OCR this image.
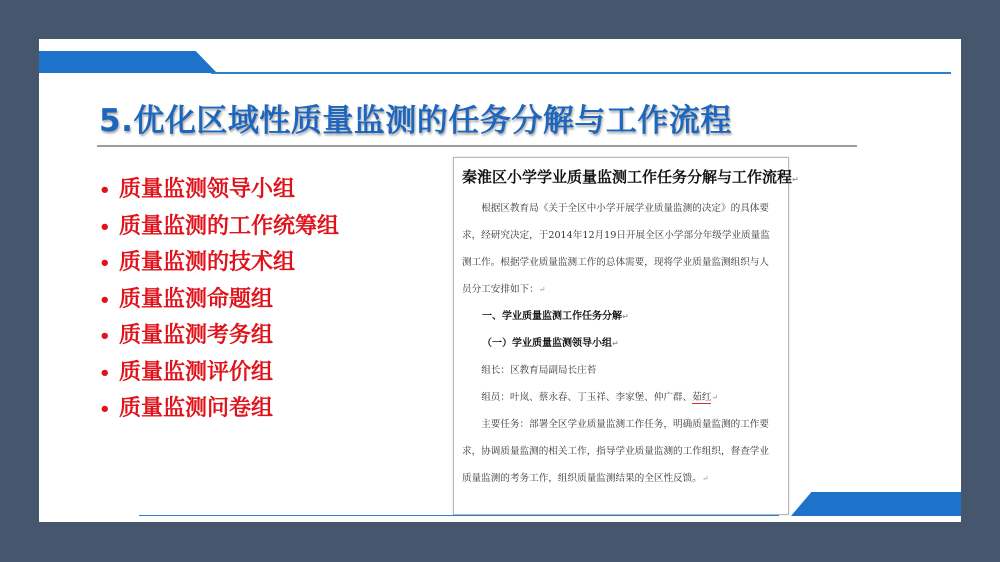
5.优化区域性质量监测的任务分解与工作流程
• 质量监测领导小组
• 质量监测的工作统筹组
• 质量监测的技术组
• 质量监测命题组
• 质量监测考务组
• 质量监测评价组
• 质量监测问卷组
秦淮区小学学业质量监测工作任务分解与工作流程↵

根据区教育局《关于全区中小学开展学业质量监测的决定》的具体要求，经研究决定，于2014年12月19日开展全区小学部分年级学业质量监测工作。根据学业质量监测工作的总体需要，现将学业质量监测组织与人员分工安排如下：↵

一、学业质量监测工作任务分解↵

（一）学业质量监测领导小组↵

组长：区教育局副局长庄苔

组员：叶岚、蔡永春、丁玉祥、李家堡、仲广群、茹红↵

主要任务：部署全区学业质量监测工作任务，明确质量监测的工作要求，协调质量监测的相关工作，指导学业质量监测的工作组织，督查学业质量监测的考务工作，组织质量监测结果的全区性反馈。↵
